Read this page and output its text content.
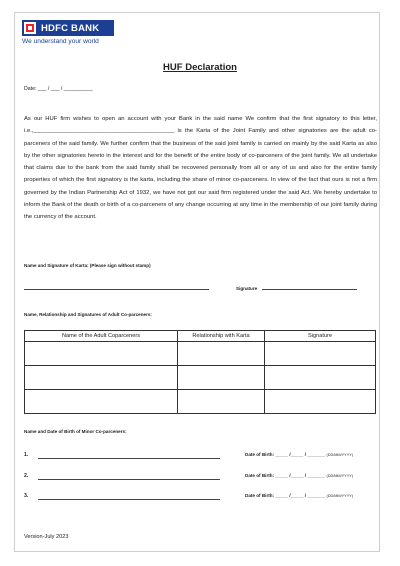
HDFC BANK
We understand your world
HUF Declaration
Date: ___ / ___ / __________
As our HUF firm wishes to open an account with your Bank in the said name We confirm that the first signatory to this letter, i.e.,___________________________________________ is the Karta of the Joint Family and other signatories are the adult co-parceners of the said family. We further confirm that the business of the said joint family is carried on mainly by the said Karta as also by the other signatories hereto in the interest and for the benefit of the entire body of co-parceners of the joint family. We all undertake that claims due to the bank from the said family shall be recovered personally from all or any of us and also for the entire family properties of which the first signatory is the karta, including the share of minor co-parceners. In view of the fact that ours is not a firm governed by the Indian Partnership Act of 1932, we have not got our said firm registered under the said Act. We hereby undertake to inform the Bank of the death or birth of a co-parceners of any change occurring at any time in the membership of our joint family during the currency of the account.
Name and Signature of Karta: (Please sign without stamp)
Signature
Name, Relationship and Signatures of Adult Co-parceners:
Name of the Adult Coparceners	Relationship with Karta	Signature

Name and Date of Birth of Minor Co-parceners:
1.	Date of Birth: _____ /_____ / _______ (DD/MM/YYYY)
2.	Date of Birth: _____ /_____ / _______ (DD/MM/YYYY)
3.	Date of Birth: _____ /_____ / _______ (DD/MM/YYYY)
Version-July 2023
